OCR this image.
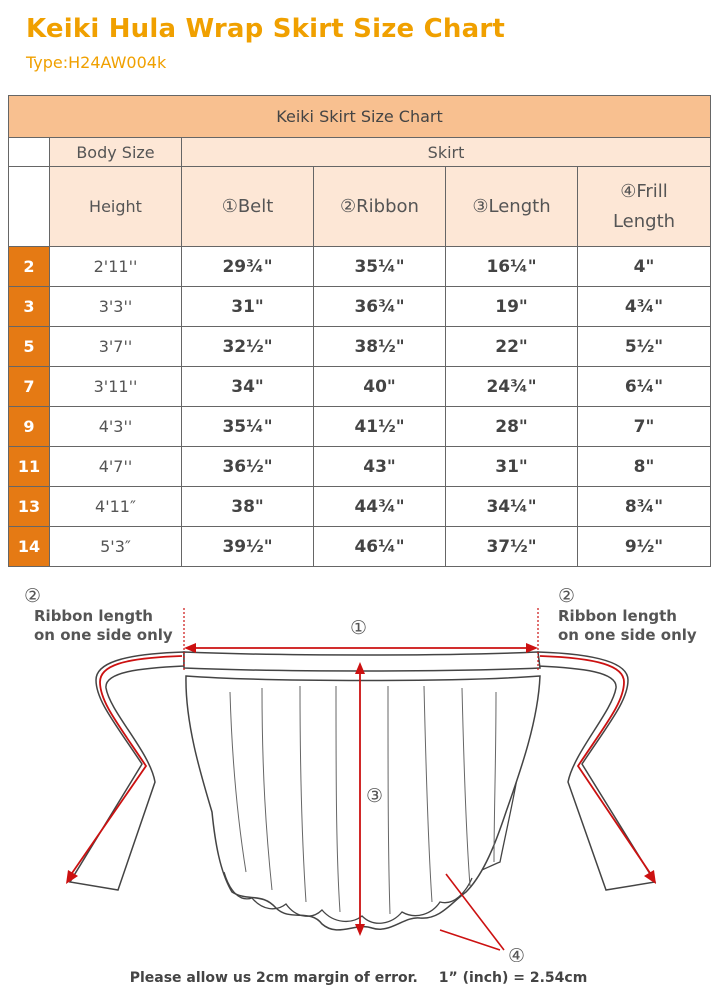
Keiki Hula Wrap Skirt Size Chart
Type:H24AW004k
Keiki Skirt Size Chart					
	Body Size	Skirt			
	Height	①Belt	②Ribbon	③Length	④Frill
Length
2	2'11''	29¾"	35¼"	16¼"	4"
3	3'3''	31"	36¾"	19"	4¾"
5	3'7''	32½"	38½"	22"	5½"
7	3'11''	34"	40"	24¾"	6¼"
9	4'3''	35¼"	41½"	28"	7"
11	4'7''	36½"	43"	31"	8"
13	4'11″	38"	44¾"	34¼"	8¾"
14	5'3″	39½"	46¼"	37½"	9½"
②
Ribbon length
on one side only
②
Ribbon length
on one side only
①
③
④
Please allow us 2cm margin of error. 1” (inch) = 2.54cm
